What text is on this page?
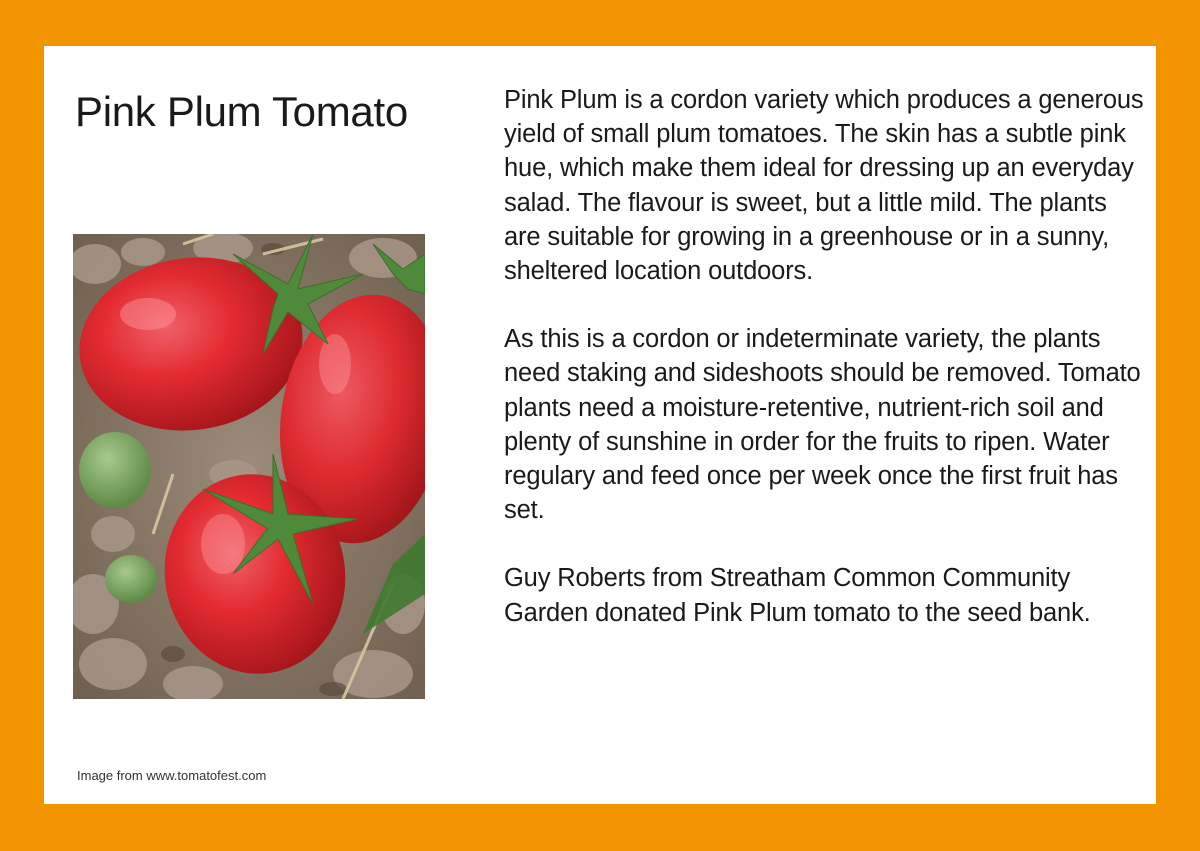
Pink Plum Tomato
Image from www.tomatofest.com

Pink Plum is a cordon variety which produces a generous yield of small plum tomatoes. The skin has a subtle pink hue, which make them ideal for dressing up an everyday salad. The flavour is sweet, but a little mild. The plants are suitable for growing in a greenhouse or in a sunny, sheltered location outdoors.

As this is a cordon or indeterminate variety, the plants need staking and sideshoots should be removed. Tomato plants need a moisture-retentive, nutrient-rich soil and plenty of sunshine in order for the fruits to ripen. Water regulary and feed once per week once the first fruit has set.

Guy Roberts from Streatham Common Community Garden donated Pink Plum tomato to the seed bank.
